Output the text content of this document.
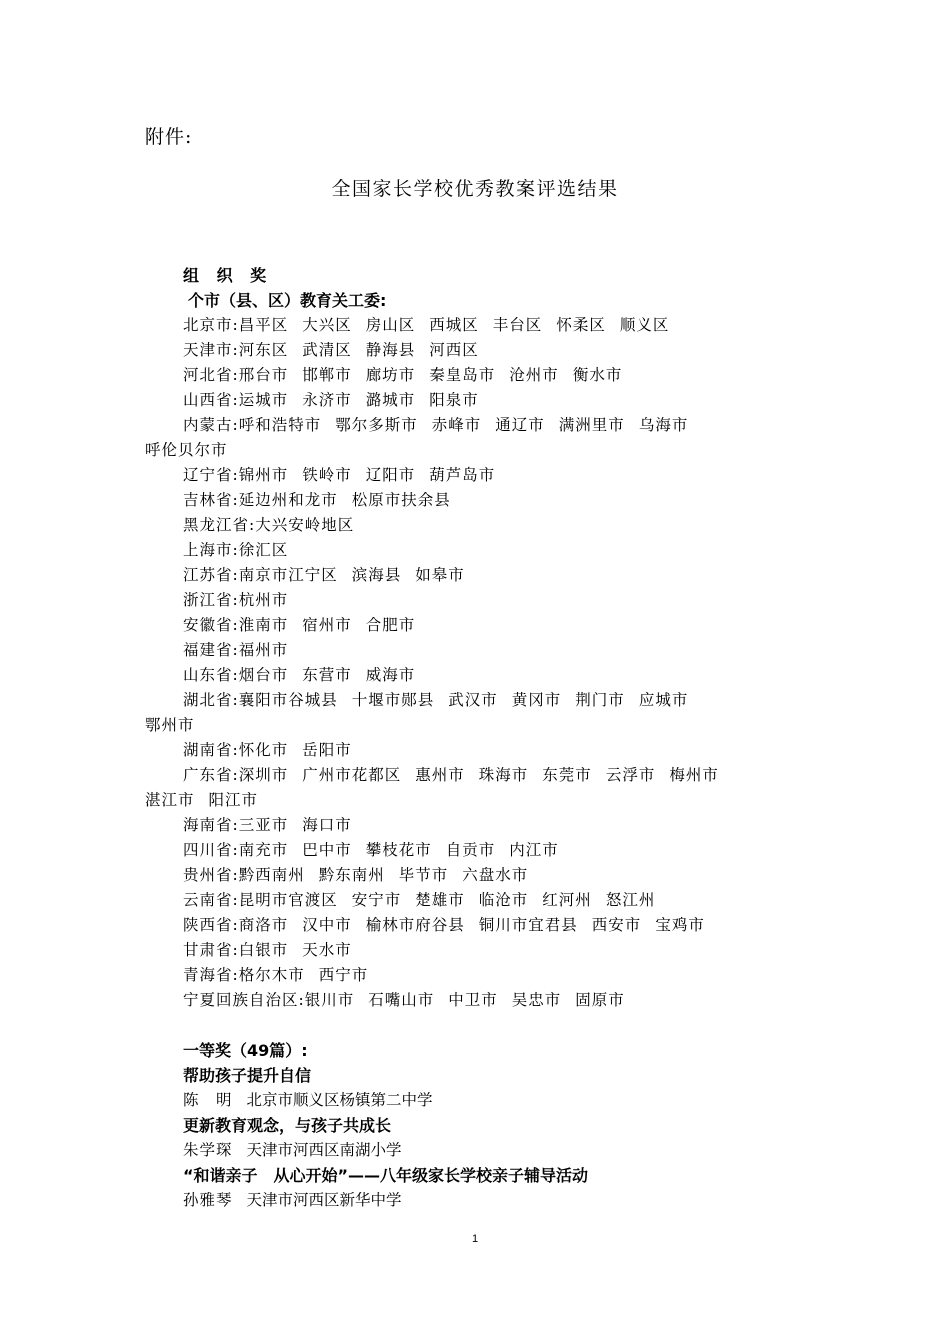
附件:
全国家长学校优秀教案评选结果
组 织 奖
个市（县、区）教育关工委:
北京市:昌平区 大兴区 房山区 西城区 丰台区 怀柔区 顺义区
天津市:河东区 武清区 静海县 河西区
河北省:邢台市 邯郸市 廊坊市 秦皇岛市 沧州市 衡水市
山西省:运城市 永济市 潞城市 阳泉市
内蒙古:呼和浩特市 鄂尔多斯市 赤峰市 通辽市 满洲里市 乌海市
呼伦贝尔市
辽宁省:锦州市 铁岭市 辽阳市 葫芦岛市
吉林省:延边州和龙市 松原市扶余县
黑龙江省:大兴安岭地区
上海市:徐汇区
江苏省:南京市江宁区 滨海县 如皋市
浙江省:杭州市
安徽省:淮南市 宿州市 合肥市
福建省:福州市
山东省:烟台市 东营市 威海市
湖北省:襄阳市谷城县 十堰市郧县 武汉市 黄冈市 荆门市 应城市
鄂州市
湖南省:怀化市 岳阳市
广东省:深圳市 广州市花都区 惠州市 珠海市 东莞市 云浮市 梅州市
湛江市 阳江市
海南省:三亚市 海口市
四川省:南充市 巴中市 攀枝花市 自贡市 内江市
贵州省:黔西南州 黔东南州 毕节市 六盘水市
云南省:昆明市官渡区 安宁市 楚雄市 临沧市 红河州 怒江州
陕西省:商洛市 汉中市 榆林市府谷县 铜川市宜君县 西安市 宝鸡市
甘肃省:白银市 天水市
青海省:格尔木市 西宁市
宁夏回族自治区:银川市 石嘴山市 中卫市 吴忠市 固原市
一等奖（49篇）:
帮助孩子提升自信
陈　明 北京市顺义区杨镇第二中学
更新教育观念，与孩子共成长
朱学琛 天津市河西区南湖小学
“和谐亲子　从心开始”——八年级家长学校亲子辅导活动
孙雅琴 天津市河西区新华中学
1
